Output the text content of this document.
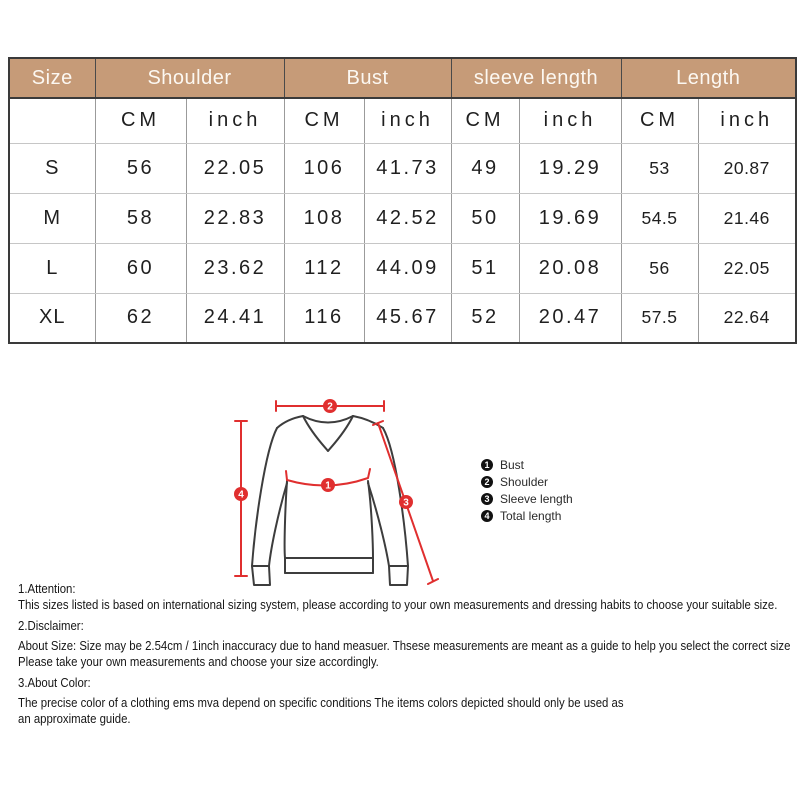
Size	Shoulder		Bust		sleeve length		Length	
	CM	inch	CM	inch	CM	inch	CM	inch
S	56	22.05	106	41.73	49	19.29	53	20.87
M	58	22.83	108	42.52	50	19.69	54.5	21.46
L	60	23.62	112	44.09	51	20.08	56	22.05
XL	62	24.41	116	45.67	52	20.47	57.5	22.64
2
4
1
3
1 Bust
2 Shoulder
3 Sleeve length
4 Total length
1.Attention:
This sizes listed is based on international sizing system, please according to your own measurements and dressing habits to choose your suitable size.
2.Disclaimer:
About Size: Size may be 2.54cm / 1inch inaccuracy due to hand measuer. Thsese measurements are meant as a guide to help you select the correct size
Please take your own measurements and choose your size accordingly.
3.About Color:
The precise color of a clothing ems mva depend on specific conditions The items colors depicted should only be used as
an approximate guide.
